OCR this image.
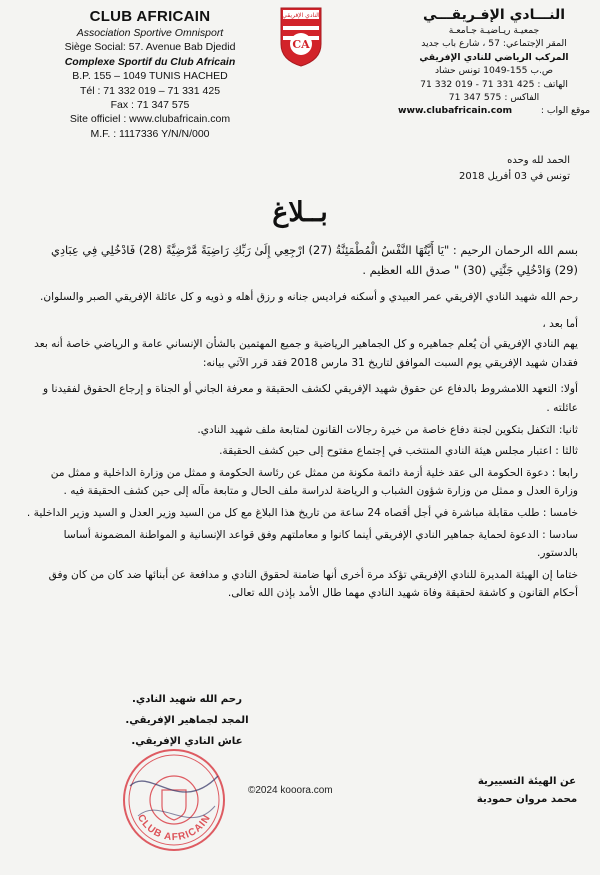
CLUB AFRICAIN
Association Sportive Omnisport
Siège Social: 57. Avenue Bab Djedid
Complexe Sportif du Club Africain
B.P. 155 – 1049 TUNIS HACHED
Tél : 71 332 019 – 71 331 425
Fax : 71 347 575
Site officiel : www.clubafricain.com
M.F. : 1117336 Y/N/N/000
النادي الإفريقي
CA
النـــادي الإفـريقـــي
جمعيـة ريـاضيـة جـامعـة
المقر الإجتماعي: 57 ، شارع باب جديد
المركب الرياضي للنادي الإفريقي
ص.ب 155-1049 تونس حشاد
الهاتف : 71 332 019 - 71 331 425
الفاكس : 71 347 575
موقع الواب :
www.clubafricain.com
الحمد لله وحده
تونس في 03 أفريل 2018
بــلاغ

بسم الله الرحمان الرحيم : "يَا أَيَّتُهَا النَّفْسُ الْمُطْمَئِنَّةُ (27) ارْجِعِي إِلَىٰ رَبِّكِ رَاضِيَةً مَّرْضِيَّةً (28) فَادْخُلِي فِي عِبَادِي (29) وَادْخُلِي جَنَّتِي (30) " صدق الله العظيم .

رحم الله شهيد النادي الإفريقي عمر العبيدي و أسكنه فراديس جنانه و رزق أهله و ذويه و كل عائلة الإفريقي الصبر والسلوان.

أما بعد ،

يهم النادي الإفريقي أن يُعلم جماهيره و كل الجماهير الرياضية و جميع المهتمين بالشأن الإنساني عامة و الرياضي خاصة أنه بعد فقدان شهيد الإفريقي يوم السبت الموافق لتاريخ 31 مارس 2018 فقد قرر الآتي بيانه:

أولا: التعهد اللامشروط بالدفاع عن حقوق شهيد الإفريقي لكشف الحقيقة و معرفة الجاني أو الجناة و إرجاع الحقوق لفقيدنا و عائلته .

ثانيا: التكفل بتكوين لجنة دفاع خاصة من خيرة رجالات القانون لمتابعة ملف شهيد النادي.

ثالثا : اعتبار مجلس هيئة النادي المنتخب في إجتماع مفتوح إلى حين كشف الحقيقة.

رابعا : دعوة الحكومة الى عقد خلية أزمة دائمة مكونة من ممثل عن رئاسة الحكومة و ممثل من وزارة الداخلية و ممثل من وزارة العدل و ممثل من وزارة شؤون الشباب و الرياضة لدراسة ملف الحال و متابعة مآله إلى حين كشف الحقيقة فيه .

خامسا : طلب مقابلة مباشرة في أجل أقصاه 24 ساعة من تاريخ هذا البلاغ مع كل من السيد وزير العدل و السيد وزير الداخلية .

سادسا : الدعوة لحماية جماهير النادي الإفريقي أينما كانوا و معاملتهم وفق قواعد الإنسانية و المواطنة المضمونة أساسا بالدستور.

ختاما إن الهيئة المديرة للنادي الإفريقي تؤكد مرة أخرى أنها ضامنة لحقوق النادي و مدافعة عن أبنائها ضد كان من كان وفق أحكام القانون و كاشفة لحقيقة وفاة شهيد النادي مهما طال الأمد بإذن الله تعالى.

رحم الله شهيد النادي.
المجد لجماهير الإفريقي.
عاش النادي الإفريقي.
عن الهيئة التسييرية
محمد مروان حمودية
©2024 kooora.com
CLUB AFRICAIN
